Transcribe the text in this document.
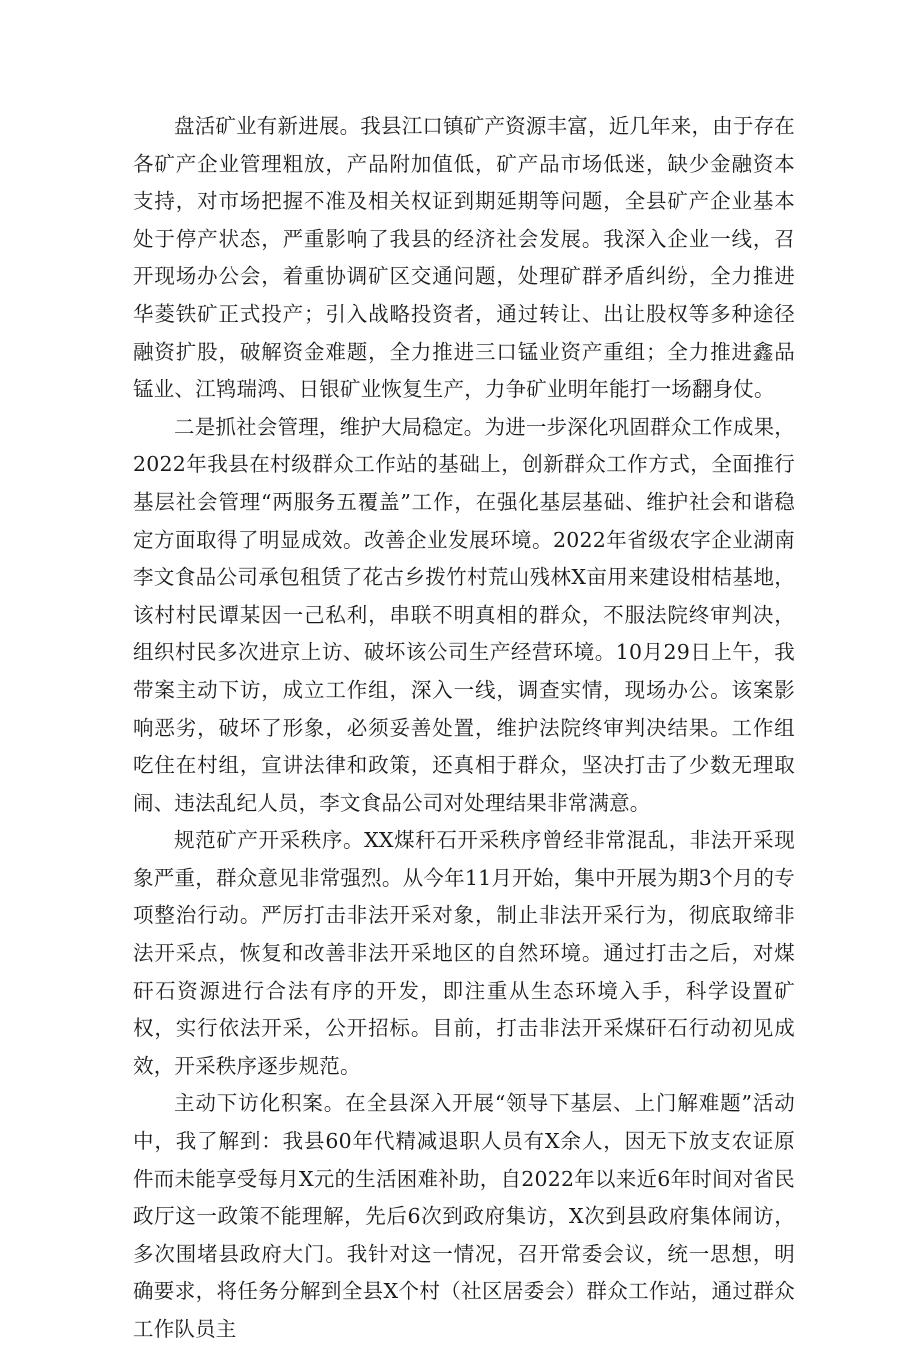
盘活矿业有新进展。我县江口镇矿产资源丰富，近几年来，由于存在各矿产企业管理粗放，产品附加值低，矿产品市场低迷，缺少金融资本支持，对市场把握不准及相关权证到期延期等问题，全县矿产企业基本处于停产状态，严重影响了我县的经济社会发展。我深入企业一线，召开现场办公会，着重协调矿区交通问题，处理矿群矛盾纠纷，全力推进华菱铁矿正式投产；引入战略投资者，通过转让、出让股权等多种途径融资扩股，破解资金难题，全力推进三口锰业资产重组；全力推进鑫品锰业、江鸨瑞鸿、日银矿业恢复生产，力争矿业明年能打一场翻身仗。

二是抓社会管理，维护大局稳定。为进一步深化巩固群众工作成果，2022年我县在村级群众工作站的基础上，创新群众工作方式，全面推行基层社会管理“两服务五覆盖”工作，在强化基层基础、维护社会和谐稳定方面取得了明显成效。改善企业发展环境。2022年省级农字企业湖南李文食品公司承包租赁了花古乡拨竹村荒山残林X亩用来建设柑桔基地，该村村民谭某因一己私利，串联不明真相的群众，不服法院终审判决，组织村民多次进京上访、破坏该公司生产经营环境。10月29日上午，我带案主动下访，成立工作组，深入一线，调查实情，现场办公。该案影响恶劣，破坏了形象，必须妥善处置，维护法院终审判决结果。工作组吃住在村组，宣讲法律和政策，还真相于群众，坚决打击了少数无理取闹、违法乱纪人员，李文食品公司对处理结果非常满意。

规范矿产开采秩序。XX煤秆石开采秩序曾经非常混乱，非法开采现象严重，群众意见非常强烈。从今年11月开始，集中开展为期3个月的专项整治行动。严厉打击非法开采对象，制止非法开采行为，彻底取缔非法开采点，恢复和改善非法开采地区的自然环境。通过打击之后，对煤矸石资源进行合法有序的开发，即注重从生态环境入手，科学设置矿权，实行依法开采，公开招标。目前，打击非法开采煤矸石行动初见成效，开采秩序逐步规范。

主动下访化积案。在全县深入开展“领导下基层、上门解难题”活动中，我了解到：我县60年代精减退职人员有X余人，因无下放支农证原件而未能享受每月X元的生活困难补助，自2022年以来近6年时间对省民政厅这一政策不能理解，先后6次到政府集访，X次到县政府集体闹访，多次围堵县政府大门。我针对这一情况，召开常委会议，统一思想，明确要求，将任务分解到全县X个村（社区居委会）群众工作站，通过群众工作队员主
